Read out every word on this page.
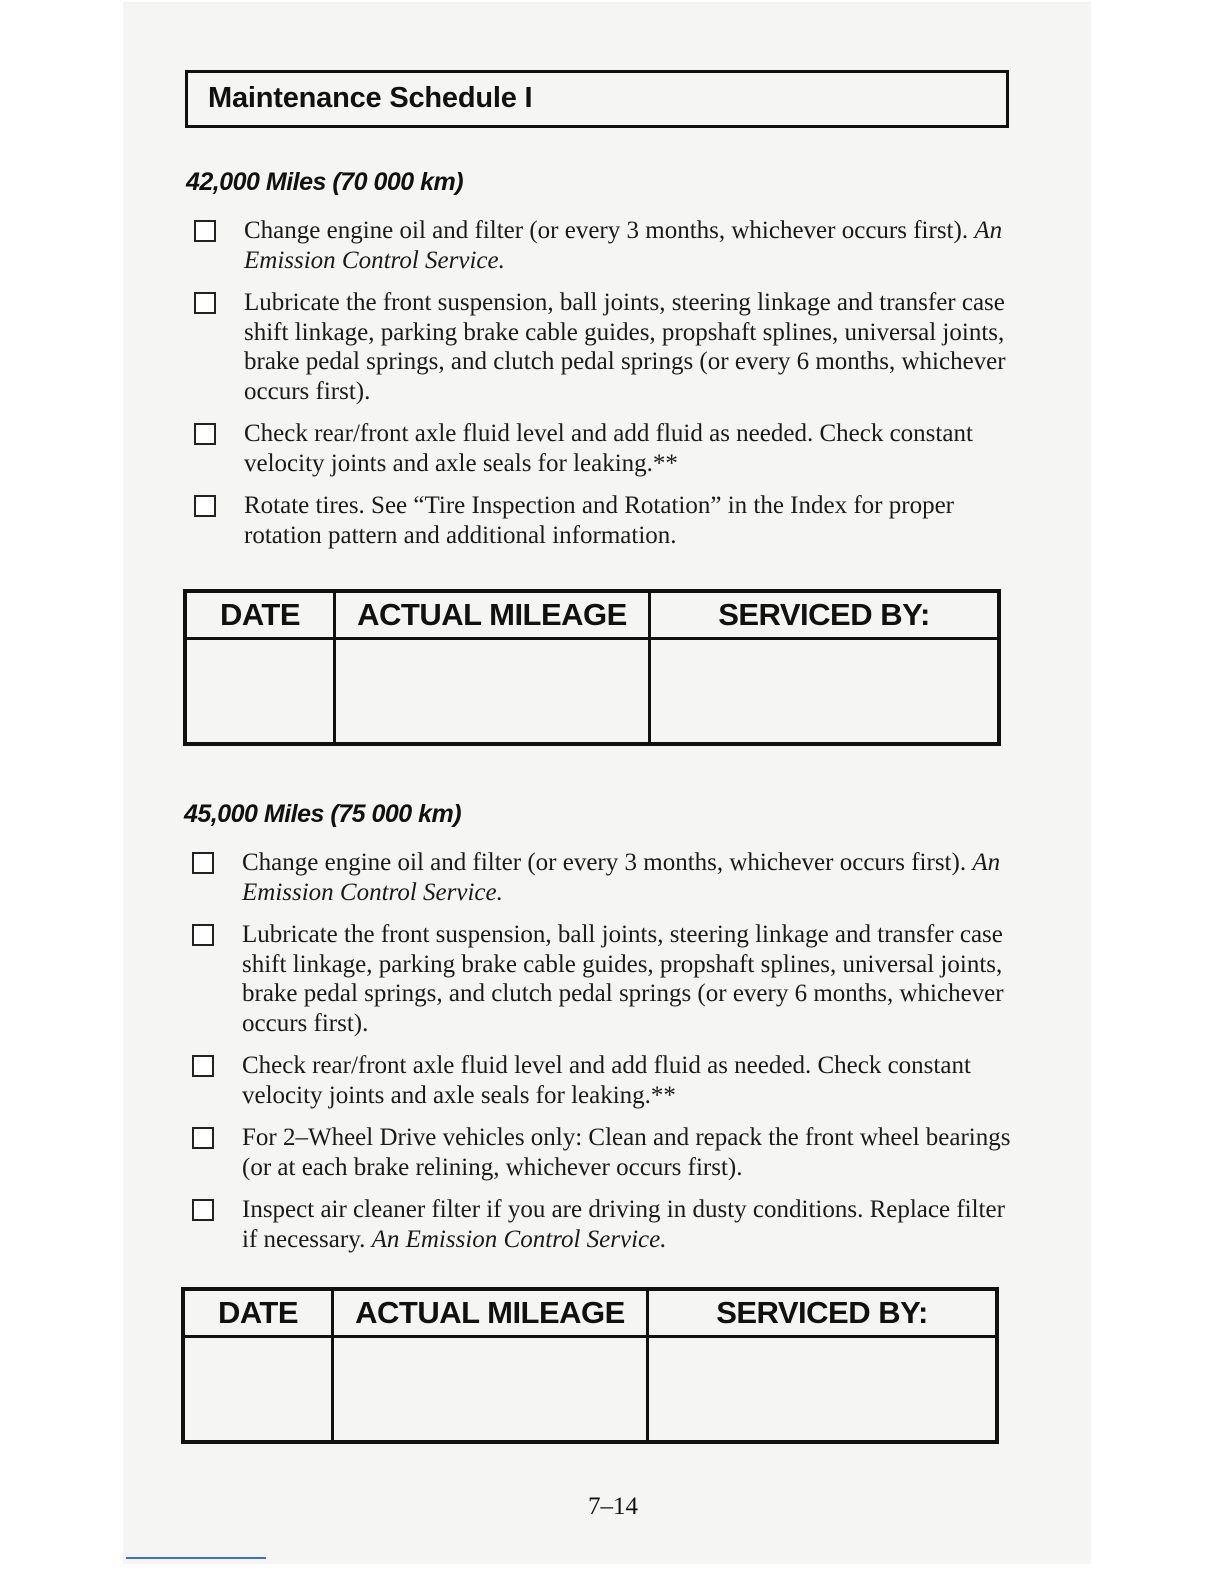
Maintenance Schedule I
42,000 Miles (70 000 km)
Change engine oil and filter (or every 3 months, whichever occurs first). An Emission Control Service.
Lubricate the front suspension, ball joints, steering linkage and transfer case shift linkage, parking brake cable guides, propshaft splines, universal joints, brake pedal springs, and clutch pedal springs (or every 6 months, whichever occurs first).
Check rear/front axle fluid level and add fluid as needed. Check constant velocity joints and axle seals for leaking.**
Rotate tires. See “Tire Inspection and Rotation” in the Index for proper rotation pattern and additional information.
DATE	ACTUAL MILEAGE	SERVICED BY:

45,000 Miles (75 000 km)
Change engine oil and filter (or every 3 months, whichever occurs first). An Emission Control Service.
Lubricate the front suspension, ball joints, steering linkage and transfer case shift linkage, parking brake cable guides, propshaft splines, universal joints, brake pedal springs, and clutch pedal springs (or every 6 months, whichever occurs first).
Check rear/front axle fluid level and add fluid as needed. Check constant velocity joints and axle seals for leaking.**
For 2–Wheel Drive vehicles only: Clean and repack the front wheel bearings (or at each brake relining, whichever occurs first).
Inspect air cleaner filter if you are driving in dusty conditions. Replace filter if necessary. An Emission Control Service.
DATE	ACTUAL MILEAGE	SERVICED BY:

7–14
